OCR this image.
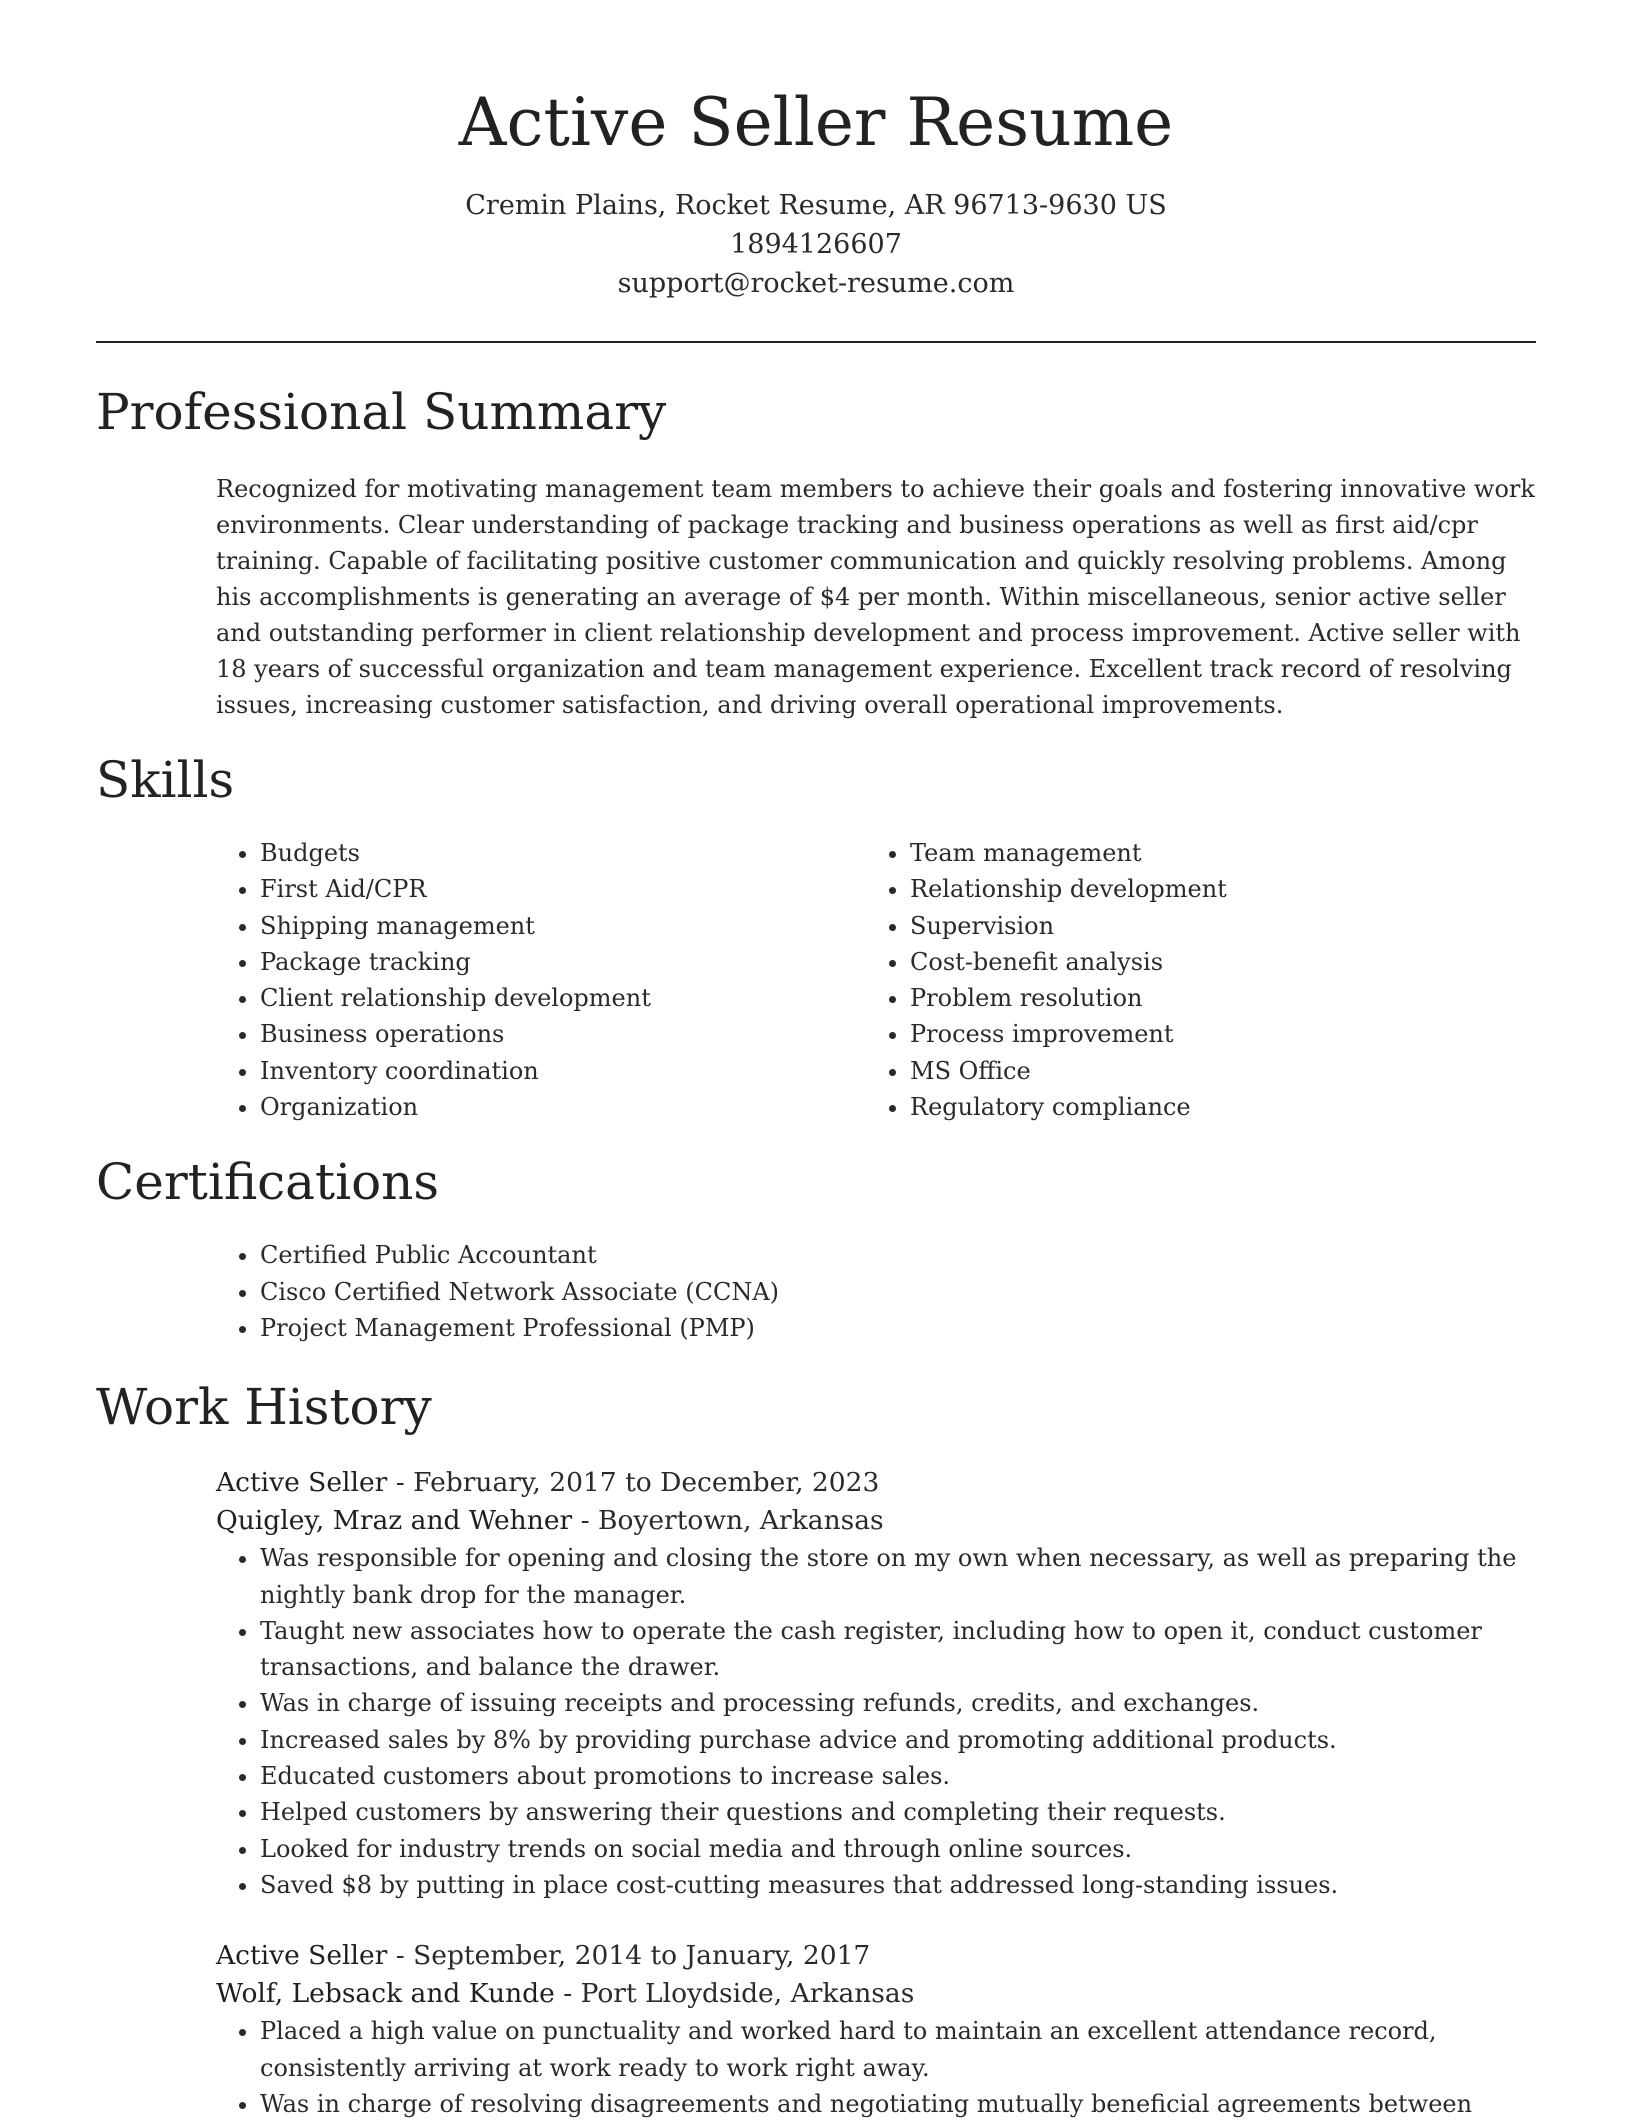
Active Seller Resume
Cremin Plains, Rocket Resume, AR 96713-9630 US
1894126607
support@rocket-resume.com
Professional Summary

Recognized for motivating management team members to achieve their goals and fostering innovative work environments. Clear understanding of package tracking and business operations as well as first aid/cpr training. Capable of facilitating positive customer communication and quickly resolving problems. Among his accomplishments is generating an average of $4 per month. Within miscellaneous, senior active seller and outstanding performer in client relationship development and process improvement. Active seller with 18 years of successful organization and team management experience. Excellent track record of resolving issues, increasing customer satisfaction, and driving overall operational improvements.

Skills
• Budgets
• First Aid/CPR
• Shipping management
• Package tracking
• Client relationship development
• Business operations
• Inventory coordination
• Organization
• Team management
• Relationship development
• Supervision
• Cost-benefit analysis
• Problem resolution
• Process improvement
• MS Office
• Regulatory compliance
Certifications
• Certified Public Accountant
• Cisco Certified Network Associate (CCNA)
• Project Management Professional (PMP)
Work History
Active Seller - February, 2017 to December, 2023
Quigley, Mraz and Wehner - Boyertown, Arkansas
• Was responsible for opening and closing the store on my own when necessary, as well as preparing the nightly bank drop for the manager.
• Taught new associates how to operate the cash register, including how to open it, conduct customer transactions, and balance the drawer.
• Was in charge of issuing receipts and processing refunds, credits, and exchanges.
• Increased sales by 8% by providing purchase advice and promoting additional products.
• Educated customers about promotions to increase sales.
• Helped customers by answering their questions and completing their requests.
• Looked for industry trends on social media and through online sources.
• Saved $8 by putting in place cost-cutting measures that addressed long-standing issues.
Active Seller - September, 2014 to January, 2017
Wolf, Lebsack and Kunde - Port Lloydside, Arkansas
• Placed a high value on punctuality and worked hard to maintain an excellent attendance record, consistently arriving at work ready to work right away.
• Was in charge of resolving disagreements and negotiating mutually beneficial agreements between
